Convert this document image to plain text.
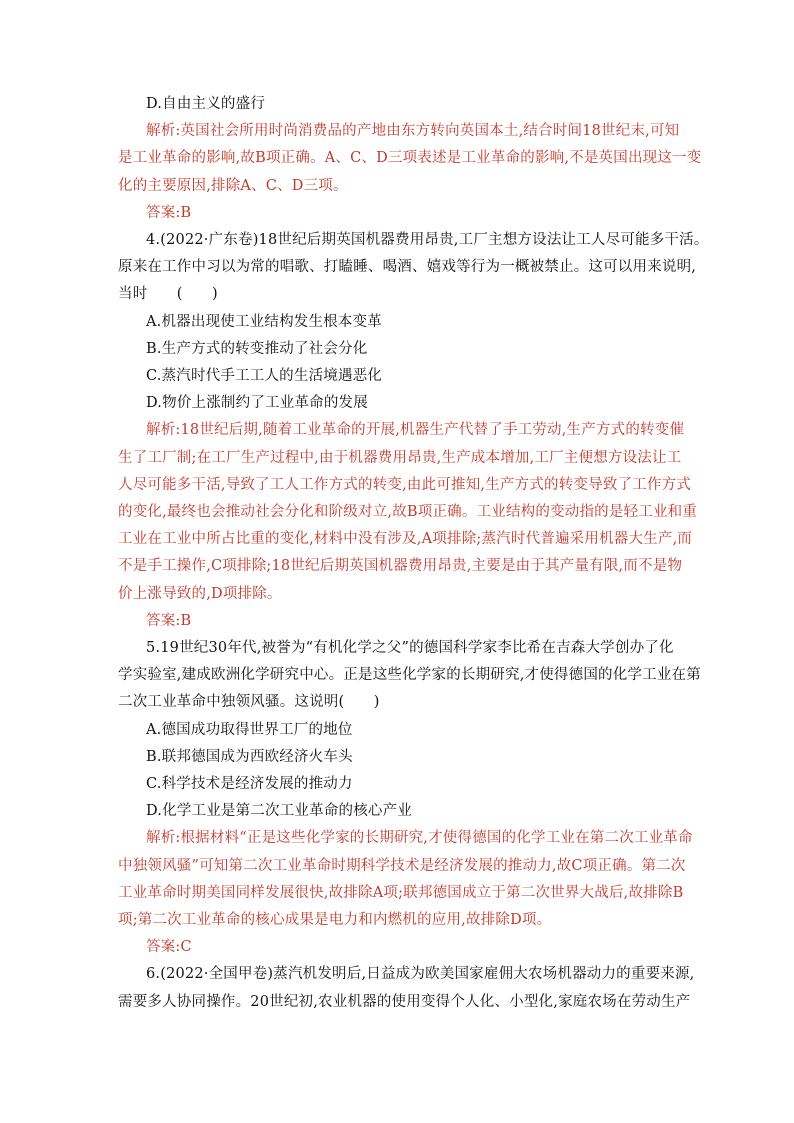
D.自由主义的盛行
解析:英国社会所用时尚消费品的产地由东方转向英国本土,结合时间18世纪末,可知
是工业革命的影响,故B项正确。A、C、D三项表述是工业革命的影响,不是英国出现这一变
化的主要原因,排除A、C、D三项。
答案:B
4.(2022·广东卷)18世纪后期英国机器费用昂贵,工厂主想方设法让工人尽可能多干活。
原来在工作中习以为常的唱歌、打瞌睡、喝酒、嬉戏等行为一概被禁止。这可以用来说明,
当时　　(　　)
A.机器出现使工业结构发生根本变革
B.生产方式的转变推动了社会分化
C.蒸汽时代手工工人的生活境遇恶化
D.物价上涨制约了工业革命的发展
解析:18世纪后期,随着工业革命的开展,机器生产代替了手工劳动,生产方式的转变催
生了工厂制;在工厂生产过程中,由于机器费用昂贵,生产成本增加,工厂主便想方设法让工
人尽可能多干活,导致了工人工作方式的转变,由此可推知,生产方式的转变导致了工作方式
的变化,最终也会推动社会分化和阶级对立,故B项正确。工业结构的变动指的是轻工业和重
工业在工业中所占比重的变化,材料中没有涉及,A项排除;蒸汽时代普遍采用机器大生产,而
不是手工操作,C项排除;18世纪后期英国机器费用昂贵,主要是由于其产量有限,而不是物
价上涨导致的,D项排除。
答案:B
5.19世纪30年代,被誉为“有机化学之父”的德国科学家李比希在吉森大学创办了化
学实验室,建成欧洲化学研究中心。正是这些化学家的长期研究,才使得德国的化学工业在第
二次工业革命中独领风骚。这说明(　　)
A.德国成功取得世界工厂的地位
B.联邦德国成为西欧经济火车头
C.科学技术是经济发展的推动力
D.化学工业是第二次工业革命的核心产业
解析:根据材料“正是这些化学家的长期研究,才使得德国的化学工业在第二次工业革命
中独领风骚”可知第二次工业革命时期科学技术是经济发展的推动力,故C项正确。第二次
工业革命时期美国同样发展很快,故排除A项;联邦德国成立于第二次世界大战后,故排除B
项;第二次工业革命的核心成果是电力和内燃机的应用,故排除D项。
答案:C
6.(2022·全国甲卷)蒸汽机发明后,日益成为欧美国家雇佣大农场机器动力的重要来源,
需要多人协同操作。20世纪初,农业机器的使用变得个人化、小型化,家庭农场在劳动生产
